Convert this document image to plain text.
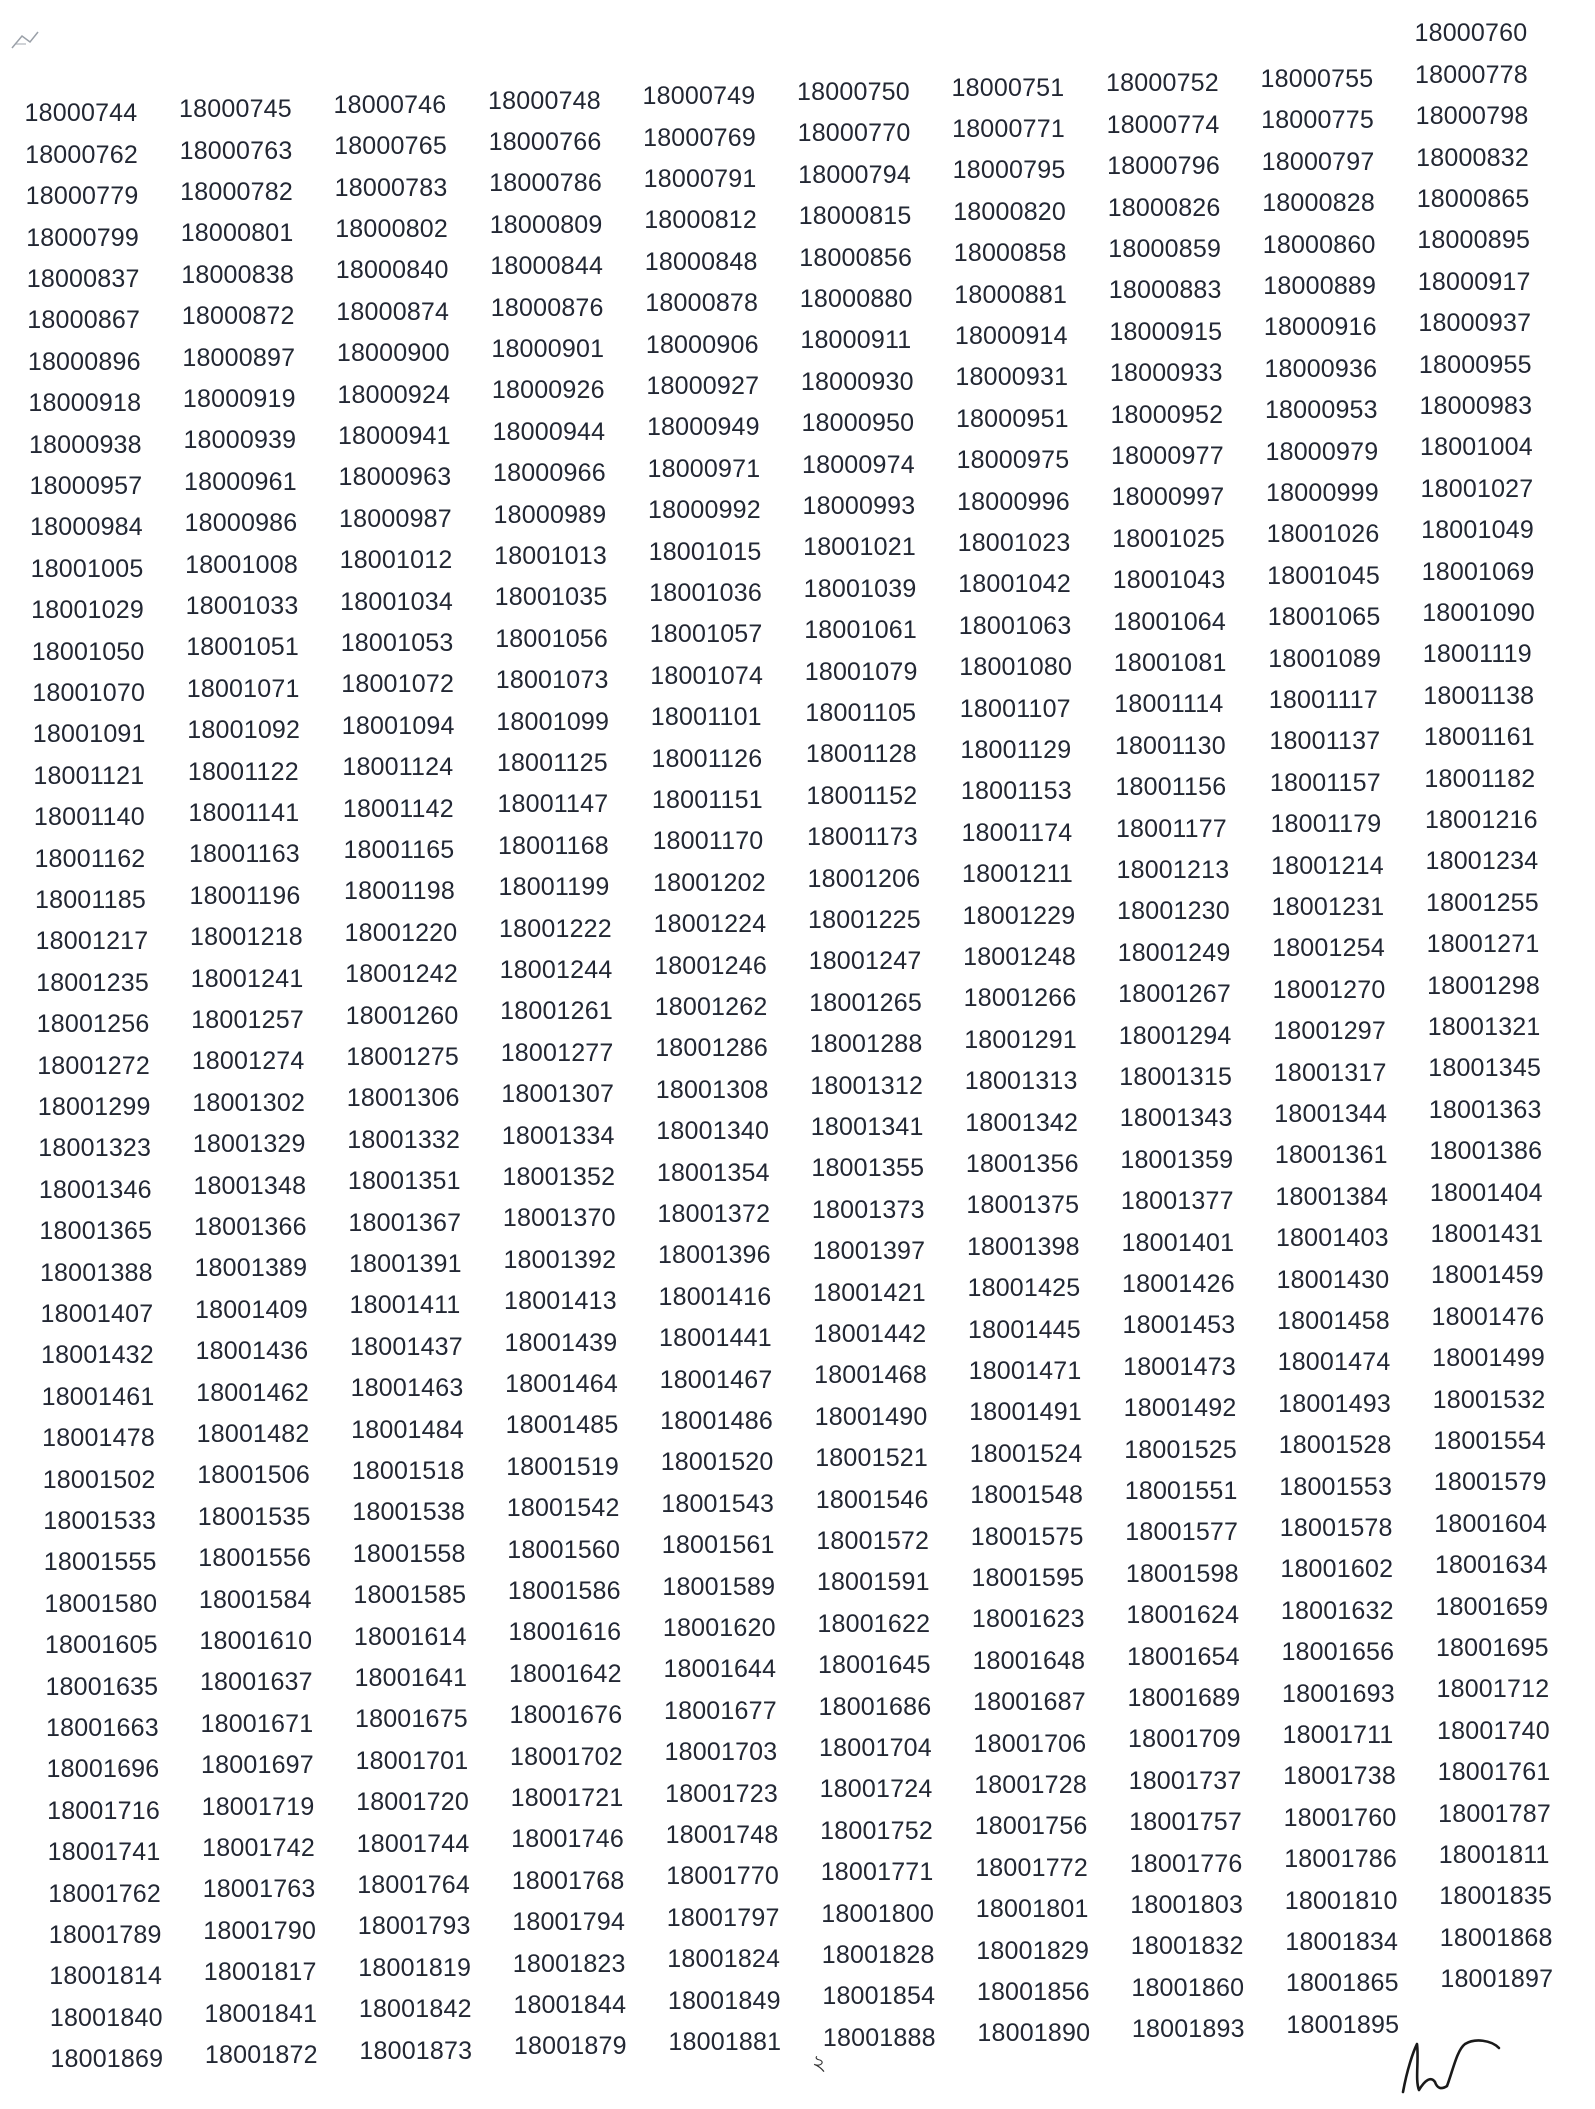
18000760
18000744 18000745 18000746 18000748 18000749 18000750 18000751 18000752 18000755 18000778
18000762 18000763 18000765 18000766 18000769 18000770 18000771 18000774 18000775 18000798
18000779 18000782 18000783 18000786 18000791 18000794 18000795 18000796 18000797 18000832
18000799 18000801 18000802 18000809 18000812 18000815 18000820 18000826 18000828 18000865
18000837 18000838 18000840 18000844 18000848 18000856 18000858 18000859 18000860 18000895
18000867 18000872 18000874 18000876 18000878 18000880 18000881 18000883 18000889 18000917
18000896 18000897 18000900 18000901 18000906 18000911 18000914 18000915 18000916 18000937
18000918 18000919 18000924 18000926 18000927 18000930 18000931 18000933 18000936 18000955
18000938 18000939 18000941 18000944 18000949 18000950 18000951 18000952 18000953 18000983
18000957 18000961 18000963 18000966 18000971 18000974 18000975 18000977 18000979 18001004
18000984 18000986 18000987 18000989 18000992 18000993 18000996 18000997 18000999 18001027
18001005 18001008 18001012 18001013 18001015 18001021 18001023 18001025 18001026 18001049
18001029 18001033 18001034 18001035 18001036 18001039 18001042 18001043 18001045 18001069
18001050 18001051 18001053 18001056 18001057 18001061 18001063 18001064 18001065 18001090
18001070 18001071 18001072 18001073 18001074 18001079 18001080 18001081 18001089 18001119
18001091 18001092 18001094 18001099 18001101 18001105 18001107 18001114 18001117 18001138
18001121 18001122 18001124 18001125 18001126 18001128 18001129 18001130 18001137 18001161
18001140 18001141 18001142 18001147 18001151 18001152 18001153 18001156 18001157 18001182
18001162 18001163 18001165 18001168 18001170 18001173 18001174 18001177 18001179 18001216
18001185 18001196 18001198 18001199 18001202 18001206 18001211 18001213 18001214 18001234
18001217 18001218 18001220 18001222 18001224 18001225 18001229 18001230 18001231 18001255
18001235 18001241 18001242 18001244 18001246 18001247 18001248 18001249 18001254 18001271
18001256 18001257 18001260 18001261 18001262 18001265 18001266 18001267 18001270 18001298
18001272 18001274 18001275 18001277 18001286 18001288 18001291 18001294 18001297 18001321
18001299 18001302 18001306 18001307 18001308 18001312 18001313 18001315 18001317 18001345
18001323 18001329 18001332 18001334 18001340 18001341 18001342 18001343 18001344 18001363
18001346 18001348 18001351 18001352 18001354 18001355 18001356 18001359 18001361 18001386
18001365 18001366 18001367 18001370 18001372 18001373 18001375 18001377 18001384 18001404
18001388 18001389 18001391 18001392 18001396 18001397 18001398 18001401 18001403 18001431
18001407 18001409 18001411 18001413 18001416 18001421 18001425 18001426 18001430 18001459
18001432 18001436 18001437 18001439 18001441 18001442 18001445 18001453 18001458 18001476
18001461 18001462 18001463 18001464 18001467 18001468 18001471 18001473 18001474 18001499
18001478 18001482 18001484 18001485 18001486 18001490 18001491 18001492 18001493 18001532
18001502 18001506 18001518 18001519 18001520 18001521 18001524 18001525 18001528 18001554
18001533 18001535 18001538 18001542 18001543 18001546 18001548 18001551 18001553 18001579
18001555 18001556 18001558 18001560 18001561 18001572 18001575 18001577 18001578 18001604
18001580 18001584 18001585 18001586 18001589 18001591 18001595 18001598 18001602 18001634
18001605 18001610 18001614 18001616 18001620 18001622 18001623 18001624 18001632 18001659
18001635 18001637 18001641 18001642 18001644 18001645 18001648 18001654 18001656 18001695
18001663 18001671 18001675 18001676 18001677 18001686 18001687 18001689 18001693 18001712
18001696 18001697 18001701 18001702 18001703 18001704 18001706 18001709 18001711 18001740
18001716 18001719 18001720 18001721 18001723 18001724 18001728 18001737 18001738 18001761
18001741 18001742 18001744 18001746 18001748 18001752 18001756 18001757 18001760 18001787
18001762 18001763 18001764 18001768 18001770 18001771 18001772 18001776 18001786 18001811
18001789 18001790 18001793 18001794 18001797 18001800 18001801 18001803 18001810 18001835
18001814 18001817 18001819 18001823 18001824 18001828 18001829 18001832 18001834 18001868
18001840 18001841 18001842 18001844 18001849 18001854 18001856 18001860 18001865 18001897
18001869 18001872 18001873 18001879 18001881 18001888 18001890 18001893 18001895
২
